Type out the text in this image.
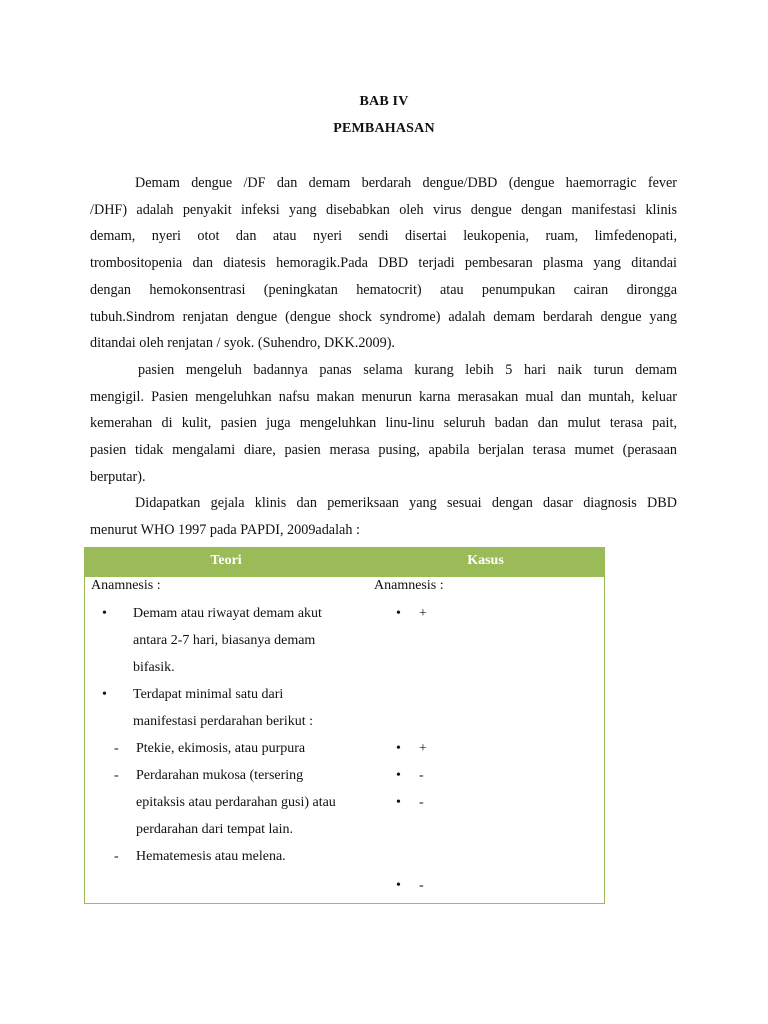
BAB IV
PEMBAHASAN
Demam dengue /DF dan demam berdarah dengue/DBD (dengue haemorragic fever
/DHF) adalah penyakit infeksi yang disebabkan oleh virus dengue dengan manifestasi klinis
demam, nyeri otot dan atau nyeri sendi disertai leukopenia, ruam, limfedenopati,
trombositopenia dan diatesis hemoragik.Pada DBD terjadi pembesaran plasma yang ditandai
dengan hemokonsentrasi (peningkatan hematocrit) atau penumpukan cairan dirongga
tubuh.Sindrom renjatan dengue (dengue shock syndrome) adalah demam berdarah dengue yang
ditandai oleh renjatan / syok. (Suhendro, DKK.2009).
pasien mengeluh badannya panas selama kurang lebih 5 hari naik turun demam
mengigil. Pasien mengeluhkan nafsu makan menurun karna merasakan mual dan muntah, keluar
kemerahan di kulit, pasien juga mengeluhkan linu-linu seluruh badan dan mulut terasa pait,
pasien tidak mengalami diare, pasien merasa pusing, apabila berjalan terasa mumet (perasaan
berputar).
Didapatkan gejala klinis dan pemeriksaan yang sesuai dengan dasar diagnosis DBD
menurut WHO 1997 pada PAPDI, 2009adalah :
Teori	Kasus
Anamnesis :
• Demam atau riwayat demam akut
antara 2-7 hari, biasanya demam
bifasik.
• Terdapat minimal satu dari
manifestasi perdarahan berikut :
- Ptekie, ekimosis, atau purpura
- Perdarahan mukosa (tersering
epitaksis atau perdarahan gusi) atau
perdarahan dari tempat lain.
- Hematemesis atau melena.
Anamnesis :
• +
• +
• -
• -
• -
